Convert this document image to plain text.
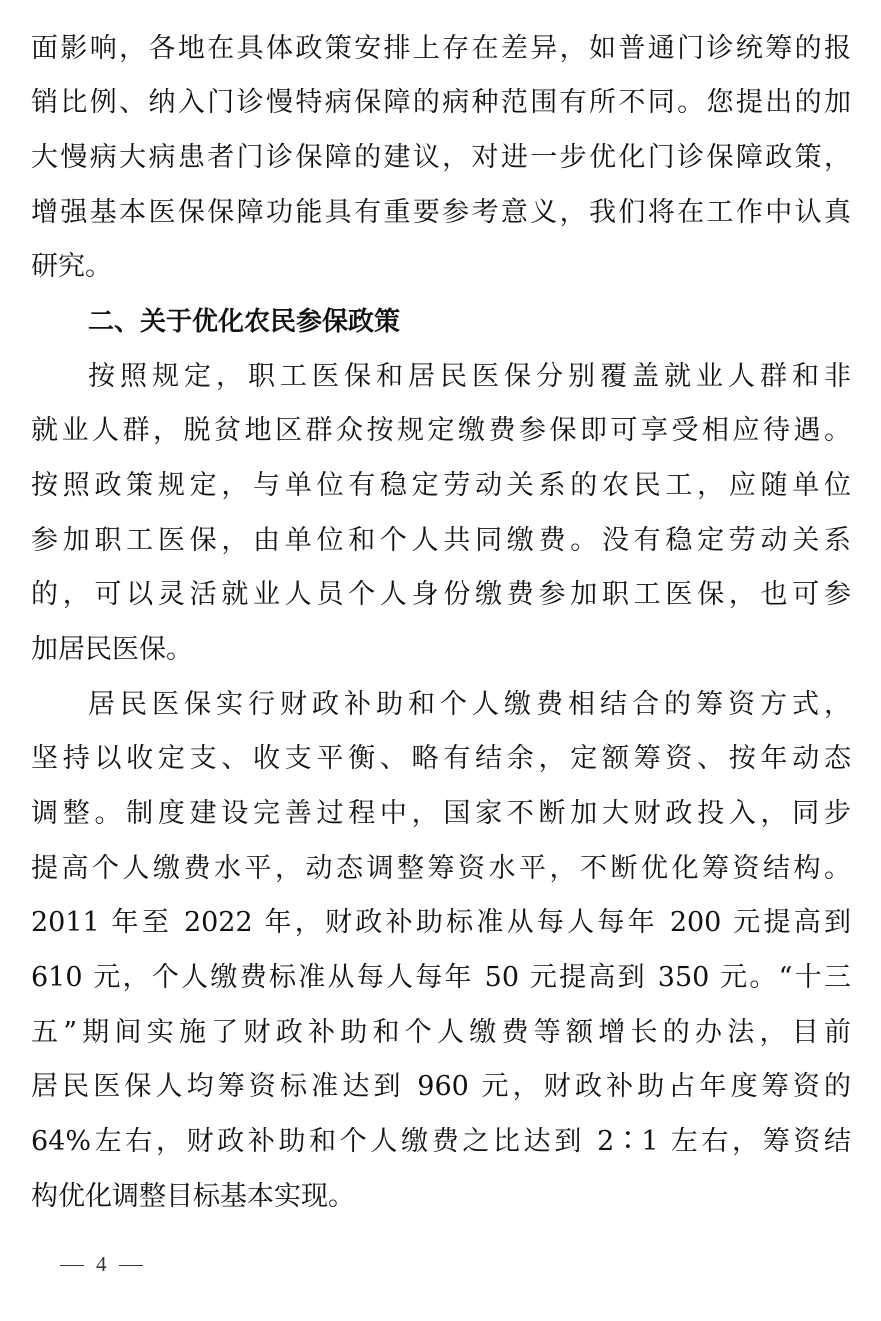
面影响，各地在具体政策安排上存在差异，如普通门诊统筹的报
销比例、纳入门诊慢特病保障的病种范围有所不同。您提出的加
大慢病大病患者门诊保障的建议，对进一步优化门诊保障政策，
增强基本医保保障功能具有重要参考意义，我们将在工作中认真
研究。
二、关于优化农民参保政策
按照规定，职工医保和居民医保分别覆盖就业人群和非
就业人群，脱贫地区群众按规定缴费参保即可享受相应待遇。
按照政策规定，与单位有稳定劳动关系的农民工，应随单位
参加职工医保，由单位和个人共同缴费。没有稳定劳动关系
的，可以灵活就业人员个人身份缴费参加职工医保，也可参
加居民医保。
居民医保实行财政补助和个人缴费相结合的筹资方式，
坚持以收定支、收支平衡、略有结余，定额筹资、按年动态
调整。制度建设完善过程中，国家不断加大财政投入，同步
提高个人缴费水平，动态调整筹资水平，不断优化筹资结构。
2011 年至 2022 年，财政补助标准从每人每年 200 元提高到
610 元，个人缴费标准从每人每年 50 元提高到 350 元。“十三
五”期间实施了财政补助和个人缴费等额增长的办法，目前
居民医保人均筹资标准达到 960 元，财政补助占年度筹资的
64%左右，财政补助和个人缴费之比达到 2∶1 左右，筹资结
构优化调整目标基本实现。
4
